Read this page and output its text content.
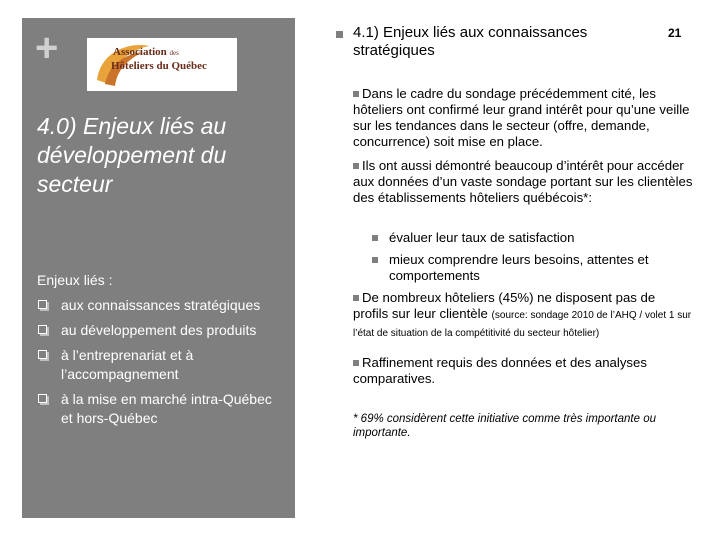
+	Association des
Hôteliers du Québec
4.0) Enjeux liés au développement du secteur
Enjeux liés :
aux connaissances stratégiques
au développement des produits
à l’entreprenariat et à l’accompagnement
à la mise en marché intra-Québec et hors-Québec
4.1) Enjeux liés aux connaissances stratégiques
21
Dans le cadre du sondage précédemment cité, les hôteliers ont confirmé leur grand intérêt pour qu’une veille sur les tendances dans le secteur (offre, demande, concurrence) soit mise en place.
Ils ont aussi démontré beaucoup d’intérêt pour accéder aux données d’un vaste sondage portant sur les clientèles des établissements hôteliers québécois*:
évaluer leur taux de satisfaction
mieux comprendre leurs besoins, attentes et comportements
De nombreux hôteliers (45%) ne disposent pas de profils sur leur clientèle (source: sondage 2010 de l’AHQ / volet 1 sur l’état de situation de la compétitivité du secteur hôtelier)
Raffinement requis des données et des analyses comparatives.
* 69% considèrent cette initiative comme très importante ou importante.
